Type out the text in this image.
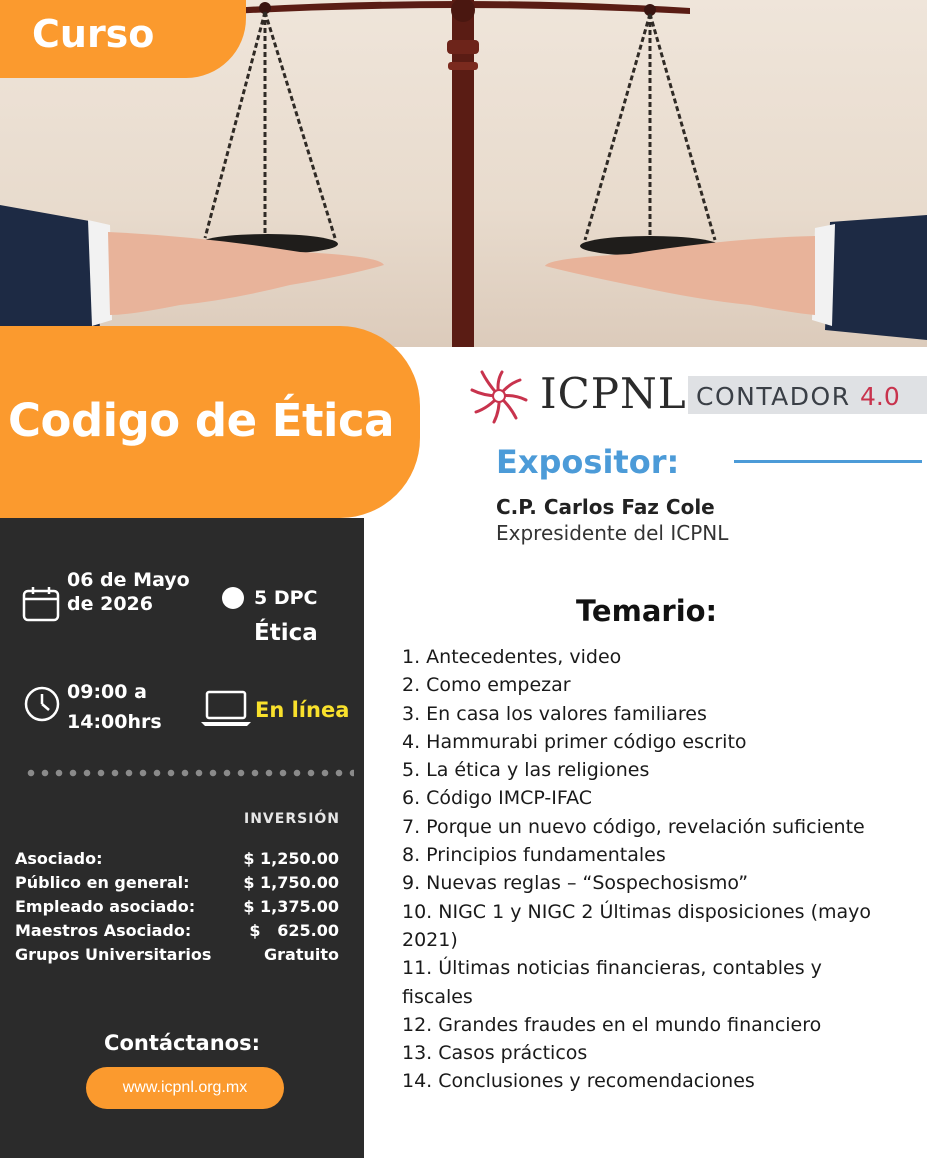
Curso
Codigo de Ética
06 de Mayo de 2026	5 DPC
Ética
09:00 a 14:00hrs	En línea
INVERSIÓN
Asociado:	$ 1,250.00
Público en general:	$ 1,750.00
Empleado asociado:	$ 1,375.00
Maestros Asociado:	$   625.00
Grupos Universitarios	Gratuito
Contáctanos:
www.icpnl.org.mx
ICPNL CONTADOR 4.0
Expositor:
C.P. Carlos Faz Cole
Expresidente del ICPNL
Temario:
1. Antecedentes, video
2. Como empezar
3. En casa los valores familiares
4. Hammurabi primer código escrito
5. La ética y las religiones
6. Código IMCP-IFAC
7. Porque un nuevo código, revelación suficiente
8. Principios fundamentales
9. Nuevas reglas – “Sospechosismo”
10. NIGC 1 y NIGC 2 Últimas disposiciones (mayo 2021)
11. Últimas noticias financieras, contables y fiscales
12. Grandes fraudes en el mundo financiero
13. Casos prácticos
14. Conclusiones y recomendaciones
